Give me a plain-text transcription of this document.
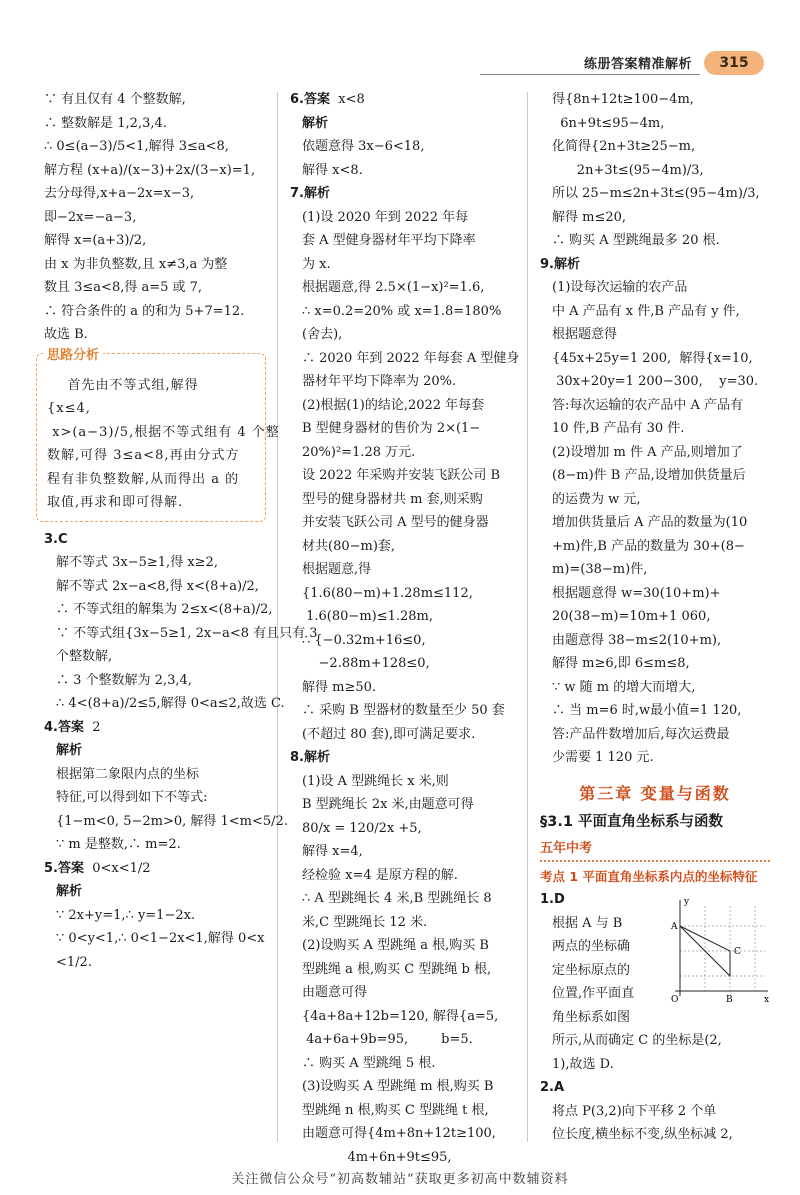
练册答案精准解析	315
∵ 有且仅有 4 个整数解,
∴ 整数解是 1,2,3,4.
∴ 0≤(a−3)/5<1,解得 3≤a<8,
解方程 (x+a)/(x−3)+2x/(3−x)=1,
去分母得,x+a−2x=x−3,
即−2x=−a−3,
解得 x=(a+3)/2,
由 x 为非负整数,且 x≠3,a 为整
数且 3≤a<8,得 a=5 或 7,
∴ 符合条件的 a 的和为 5+7=12.
故选 B.
思路分析
首先由不等式组,解得
{x≤4,
x>(a−3)/5,根据不等式组有 4 个整
数解,可得 3≤a<8,再由分式方
程有非负整数解,从而得出 a 的
取值,再求和即可得解.
3.C
解不等式 3x−5≥1,得 x≥2,
解不等式 2x−a<8,得 x<(8+a)/2,
∴ 不等式组的解集为 2≤x<(8+a)/2,
∵ 不等式组{3x−5≥1, 2x−a<8 有且只有 3
个整数解,
∴ 3 个整数解为 2,3,4,
∴ 4<(8+a)/2≤5,解得 0<a≤2,故选 C.
4.答案 2
解析
根据第二象限内点的坐标
特征,可以得到如下不等式:
{1−m<0, 5−2m>0, 解得 1<m<5/2.
∵ m 是整数,∴ m=2.
5.答案 0<x<1/2
解析
∵ 2x+y=1,∴ y=1−2x.
∵ 0<y<1,∴ 0<1−2x<1,解得 0<x
<1/2.
6.答案 x<8
解析
依题意得 3x−6<18,
解得 x<8.
7.解析
(1)设 2020 年到 2022 年每
套 A 型健身器材年平均下降率
为 x.
根据题意,得 2.5×(1−x)²=1.6,
∴ x=0.2=20% 或 x=1.8=180%
(舍去),
∴ 2020 年到 2022 年每套 A 型健身
器材年平均下降率为 20%.
(2)根据(1)的结论,2022 年每套
B 型健身器材的售价为 2×(1−
20%)²=1.28 万元.
设 2022 年采购并安装飞跃公司 B
型号的健身器材共 m 套,则采购
并安装飞跃公司 A 型号的健身器
材共(80−m)套,
根据题意,得
{1.6(80−m)+1.28m≤112,
1.6(80−m)≤1.28m,
∴ {−0.32m+16≤0,
−2.88m+128≤0,
解得 m≥50.
∴ 采购 B 型器材的数量至少 50 套
(不超过 80 套),即可满足要求.
8.解析
(1)设 A 型跳绳长 x 米,则
B 型跳绳长 2x 米,由题意可得
80/x = 120/2x +5,
解得 x=4,
经检验 x=4 是原方程的解.
∴ A 型跳绳长 4 米,B 型跳绳长 8
米,C 型跳绳长 12 米.
(2)设购买 A 型跳绳 a 根,购买 B
型跳绳 a 根,购买 C 型跳绳 b 根,
由题意可得
{4a+8a+12b=120, 解得{a=5,
4a+6a+9b=95,        b=5.
∴ 购买 A 型跳绳 5 根.
(3)设购买 A 型跳绳 m 根,购买 B
型跳绳 n 根,购买 C 型跳绳 t 根,
由题意可得{4m+8n+12t≥100,
4m+6n+9t≤95,
得{8n+12t≥100−4m,
6n+9t≤95−4m,
化简得{2n+3t≥25−m,
2n+3t≤(95−4m)/3,
所以 25−m≤2n+3t≤(95−4m)/3,
解得 m≤20,
∴ 购买 A 型跳绳最多 20 根.
9.解析
(1)设每次运输的农产品
中 A 产品有 x 件,B 产品有 y 件,
根据题意得
{45x+25y=1 200,  解得{x=10,
30x+20y=1 200−300,    y=30.
答:每次运输的农产品中 A 产品有
10 件,B 产品有 30 件.
(2)设增加 m 件 A 产品,则增加了
(8−m)件 B 产品,设增加供货量后
的运费为 w 元,
增加供货量后 A 产品的数量为(10
+m)件,B 产品的数量为 30+(8−
m)=(38−m)件,
根据题意得 w=30(10+m)+
20(38−m)=10m+1 060,
由题意得 38−m≤2(10+m),
解得 m≥6,即 6≤m≤8,
∵ w 随 m 的增大而增大,
∴ 当 m=6 时,w最小值=1 120,
答:产品件数增加后,每次运费最
少需要 1 120 元.
第三章 变量与函数
§3.1 平面直角坐标系与函数
五年中考
考点 1 平面直角坐标系内点的坐标特征
1.D
根据 A 与 B
两点的坐标确
定坐标原点的
位置,作平面直
角坐标系如图
所示,从而确定 C 的坐标是(2,
1),故选 D.
y
x
O
A
B
C
2.A
将点 P(3,2)向下平移 2 个单
位长度,横坐标不变,纵坐标减 2,
关注微信公众号“初高数辅站”获取更多初高中数辅资料
